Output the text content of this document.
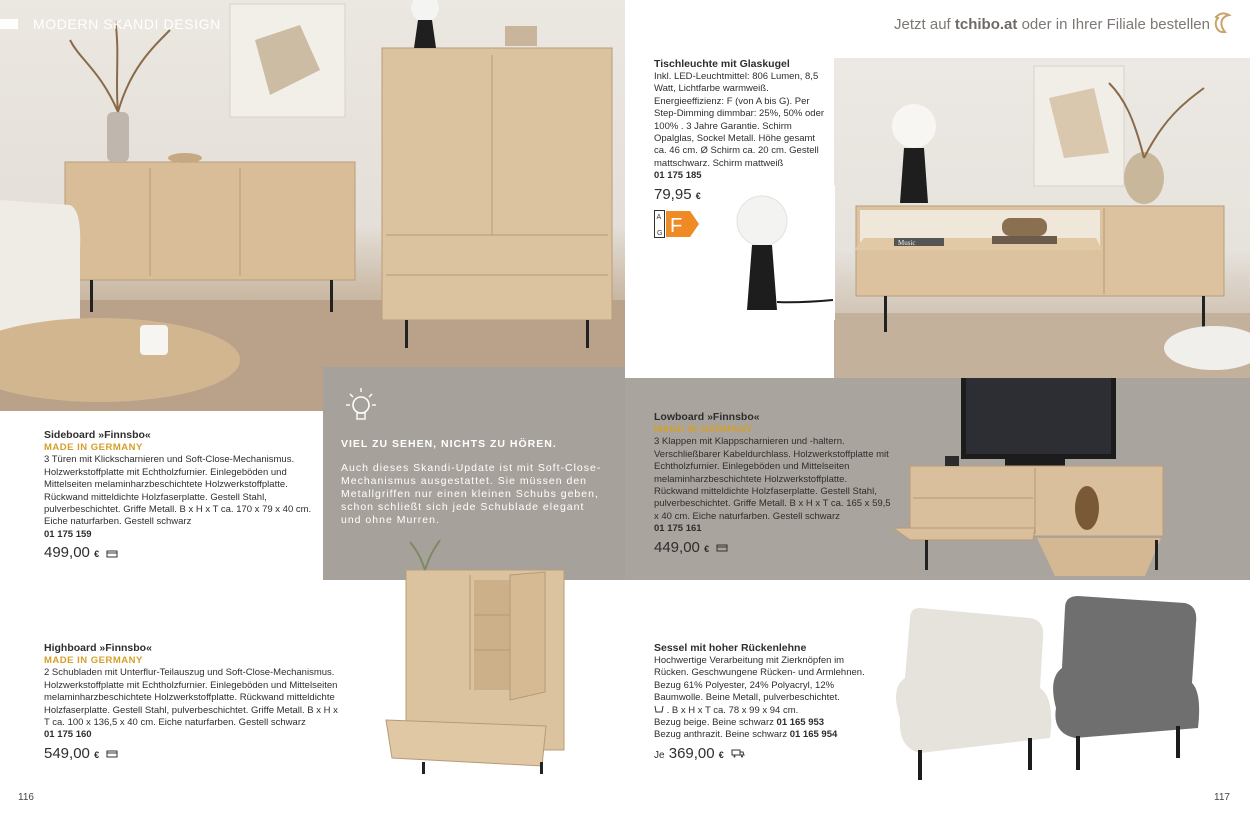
Music
MODERN SKANDI DESIGN	Jetzt auf tchibo.at oder in Ihrer Filiale bestellen
Sideboard »Finnsbo«
MADE IN GERMANY
3 Türen mit Klickscharnieren und Soft-Close-Mechanismus. Holzwerkstoffplatte mit Echtholzfurnier. Einlegeböden und Mittelseiten melaminharzbeschichtete Holzwerkstoffplatte. Rückwand mitteldichte Holzfaserplatte. Gestell Stahl, pulverbeschichtet. Griffe Metall. B x H x T ca. 170 x 79 x 40 cm. Eiche naturfarben. Gestell schwarz
01 175 159
499,00 €
Highboard »Finnsbo«
MADE IN GERMANY
2 Schubladen mit Unterflur-Teilauszug und Soft-Close-Mechanismus. Holzwerkstoffplatte mit Echtholzfurnier. Einlegeböden und Mittelseiten melaminharzbeschichtete Holzwerkstoffplatte. Rückwand mitteldichte Holzfaserplatte. Gestell Stahl, pulverbeschichtet. Griffe Metall. B x H x T ca. 100 x 136,5 x 40 cm. Eiche naturfarben. Gestell schwarz
01 175 160
549,00 €
VIEL ZU SEHEN, NICHTS ZU HÖREN.
Auch dieses Skandi-Update ist mit Soft-Close-Mechanismus ausgestattet. Sie müssen den Metallgriffen nur einen kleinen Schubs geben, schon schließt sich jede Schublade elegant und ohne Murren.
Tischleuchte mit Glaskugel
Inkl. LED-Leuchtmittel: 806 Lumen, 8,5 Watt, Lichtfarbe warmweiß. Energieeffizienz: F (von A bis G). Per Step-Dimming dimmbar: 25%, 50% oder 100% . 3 Jahre Garantie. Schirm Opalglas, Sockel Metall. Höhe gesamt ca. 46 cm. Ø Schirm ca. 20 cm. Gestell mattschwarz. Schirm mattweiß
01 175 185
79,95 €
A
G F
Lowboard »Finnsbo«
MADE IN GERMANY
3 Klappen mit Klappscharnieren und -haltern. Verschließbarer Kabeldurchlass. Holzwerkstoffplatte mit Echtholzfurnier. Einlegeböden und Mittelseiten melaminharzbeschichtete Holzwerkstoffplatte. Rückwand mitteldichte Holzfaserplatte. Gestell Stahl, pulverbeschichtet. Griffe Metall. B x H x T ca. 165 x 59,5 x 40 cm. Eiche naturfarben. Gestell schwarz
01 175 161
449,00 €
Sessel mit hoher Rückenlehne
Hochwertige Verarbeitung mit Zierknöpfen im Rücken. Geschwungene Rücken- und Armlehnen. Bezug 61% Polyester, 24% Polyacryl, 12% Baumwolle. Beine Metall, pulverbeschichtet.
. B x H x T ca. 78 x 99 x 94 cm.
Bezug beige. Beine schwarz 01 165 953
Bezug anthrazit. Beine schwarz 01 165 954
Je 369,00 €
116	117
